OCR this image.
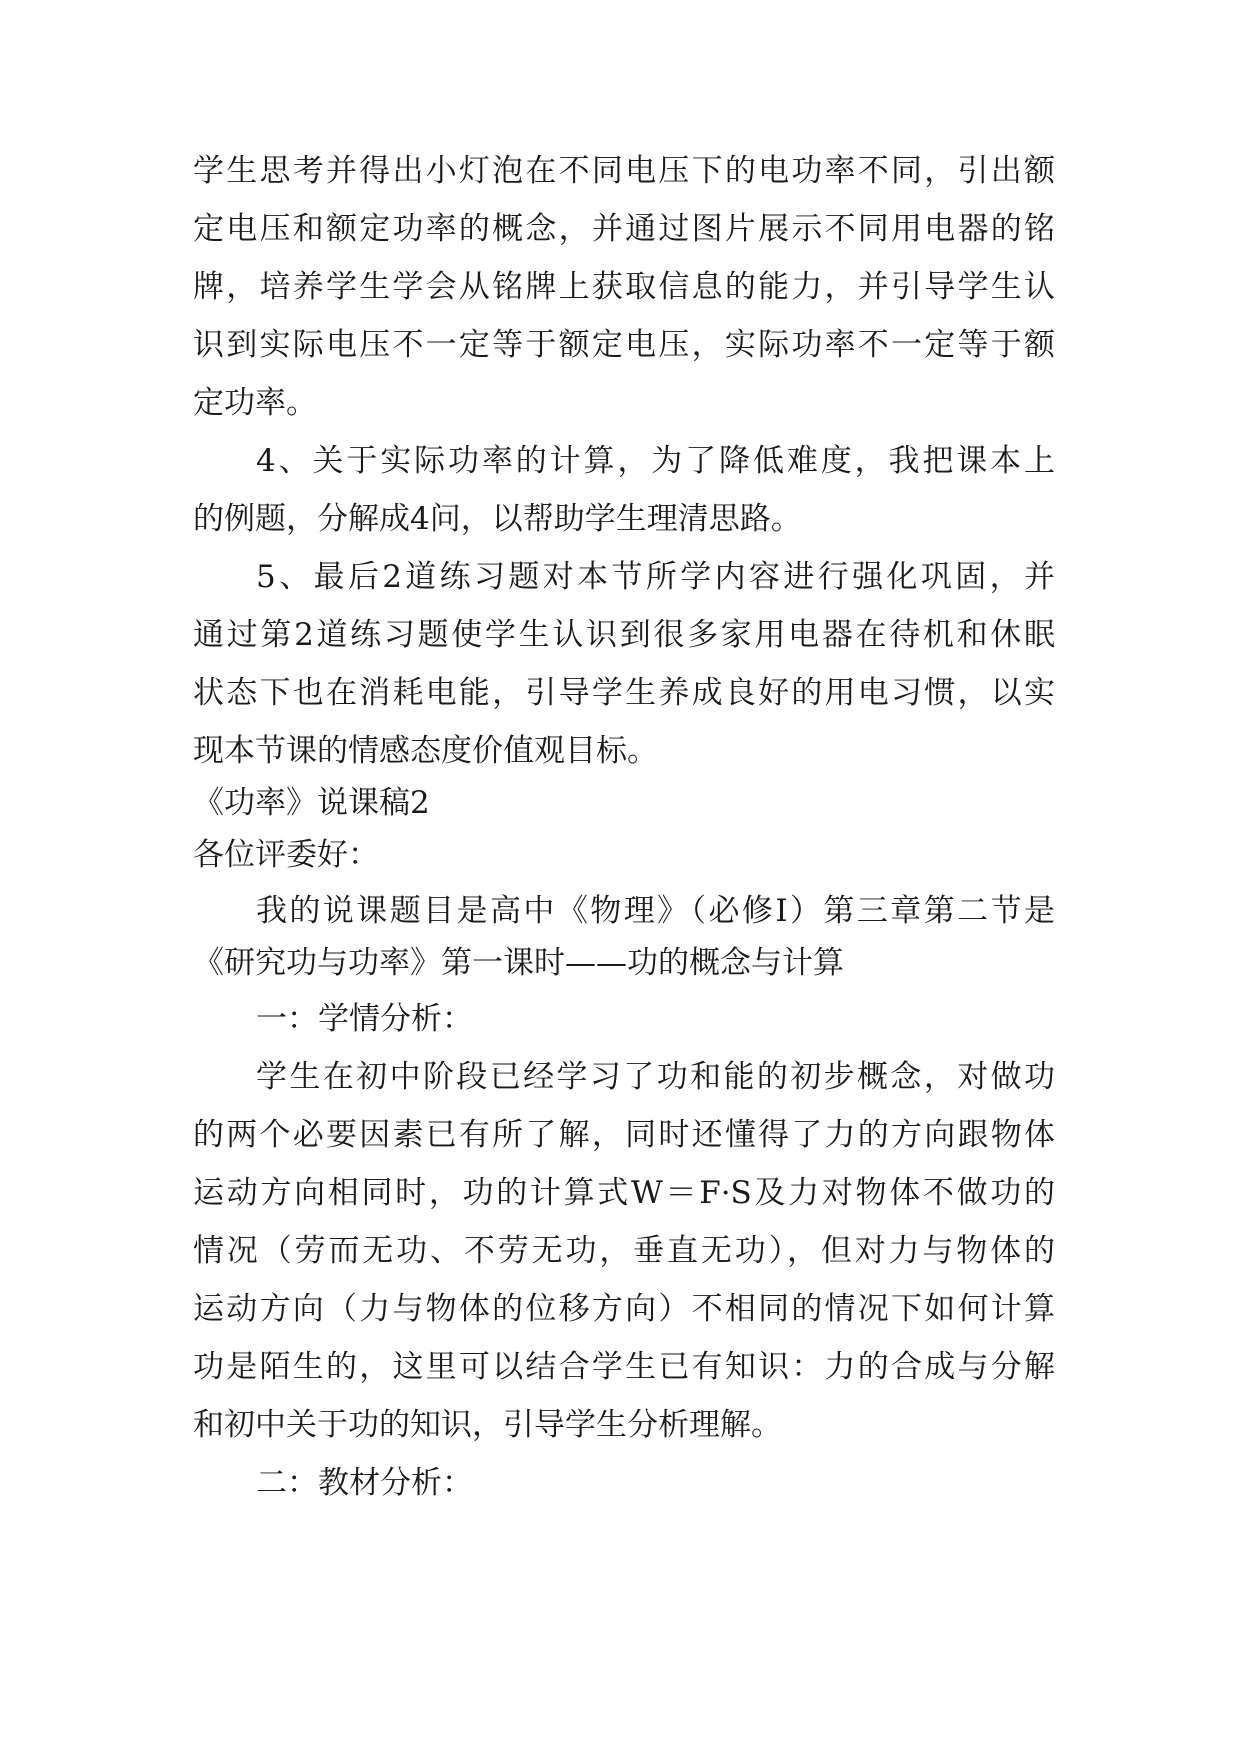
学生思考并得出小灯泡在不同电压下的电功率不同，引出额
定电压和额定功率的概念，并通过图片展示不同用电器的铭
牌，培养学生学会从铭牌上获取信息的能力，并引导学生认
识到实际电压不一定等于额定电压，实际功率不一定等于额
定功率。
4、关于实际功率的计算，为了降低难度，我把课本上
的例题，分解成4问，以帮助学生理清思路。
5、最后2道练习题对本节所学内容进行强化巩固，并
通过第2道练习题使学生认识到很多家用电器在待机和休眠
状态下也在消耗电能，引导学生养成良好的用电习惯，以实
现本节课的情感态度价值观目标。
《功率》说课稿2
各位评委好：
我的说课题目是高中《物理》（必修Ⅰ）第三章第二节是
《研究功与功率》第一课时——功的概念与计算
一：学情分析：
学生在初中阶段已经学习了功和能的初步概念，对做功
的两个必要因素已有所了解，同时还懂得了力的方向跟物体
运动方向相同时，功的计算式W＝F·S及力对物体不做功的
情况（劳而无功、不劳无功，垂直无功），但对力与物体的
运动方向（力与物体的位移方向）不相同的情况下如何计算
功是陌生的，这里可以结合学生已有知识：力的合成与分解
和初中关于功的知识，引导学生分析理解。
二：教材分析：
